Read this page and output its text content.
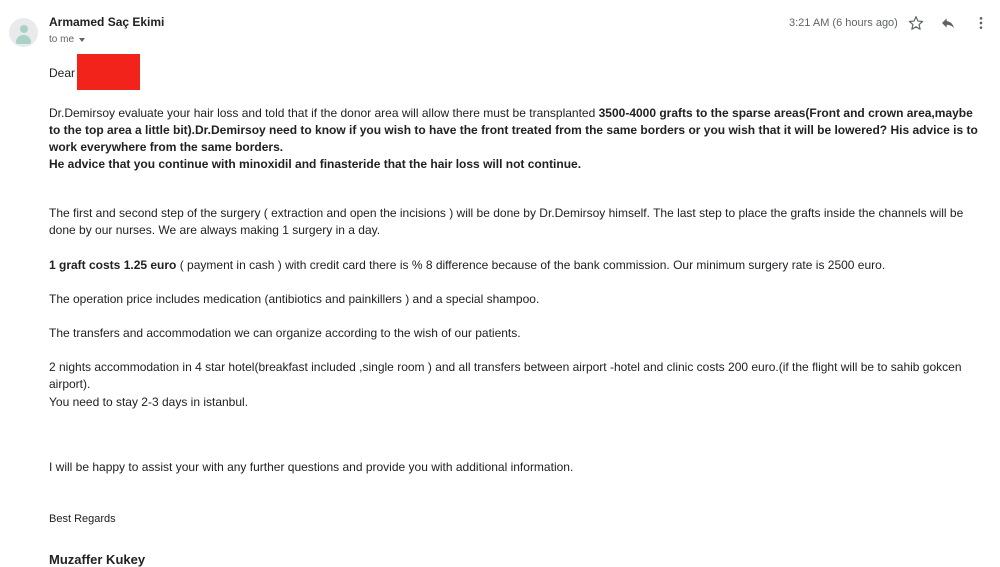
Armamed Saç Ekimi
to me
3:21 AM (6 hours ago)
Dear
Dr.Demirsoy evaluate your hair loss and told that if the donor area will allow there must be transplanted 3500-4000 grafts to the sparse areas(Front and crown area,maybe to the top area a little bit).Dr.Demirsoy need to know if you wish to have the front treated from the same borders or you wish that it will be lowered? His advice is to work everywhere from the same borders.
He advice that you continue with minoxidil and finasteride that the hair loss will not continue.
The first and second step of the surgery ( extraction and open the incisions ) will be done by Dr.Demirsoy himself. The last step to place the grafts inside the channels will be done by our nurses. We are always making 1 surgery in a day.
1 graft costs 1.25 euro ( payment in cash ) with credit card there is % 8 difference because of the bank commission. Our minimum surgery rate is 2500 euro.
The operation price includes medication (antibiotics and painkillers ) and a special shampoo.
The transfers and accommodation we can organize according to the wish of our patients.
2 nights accommodation in 4 star hotel(breakfast included ,single room ) and all transfers between airport -hotel and clinic costs 200 euro.(if the flight will be to sahib gokcen airport).
You need to stay 2-3 days in istanbul.
I will be happy to assist your with any further questions and provide you with additional information.
Best Regards
Muzaffer Kukey
